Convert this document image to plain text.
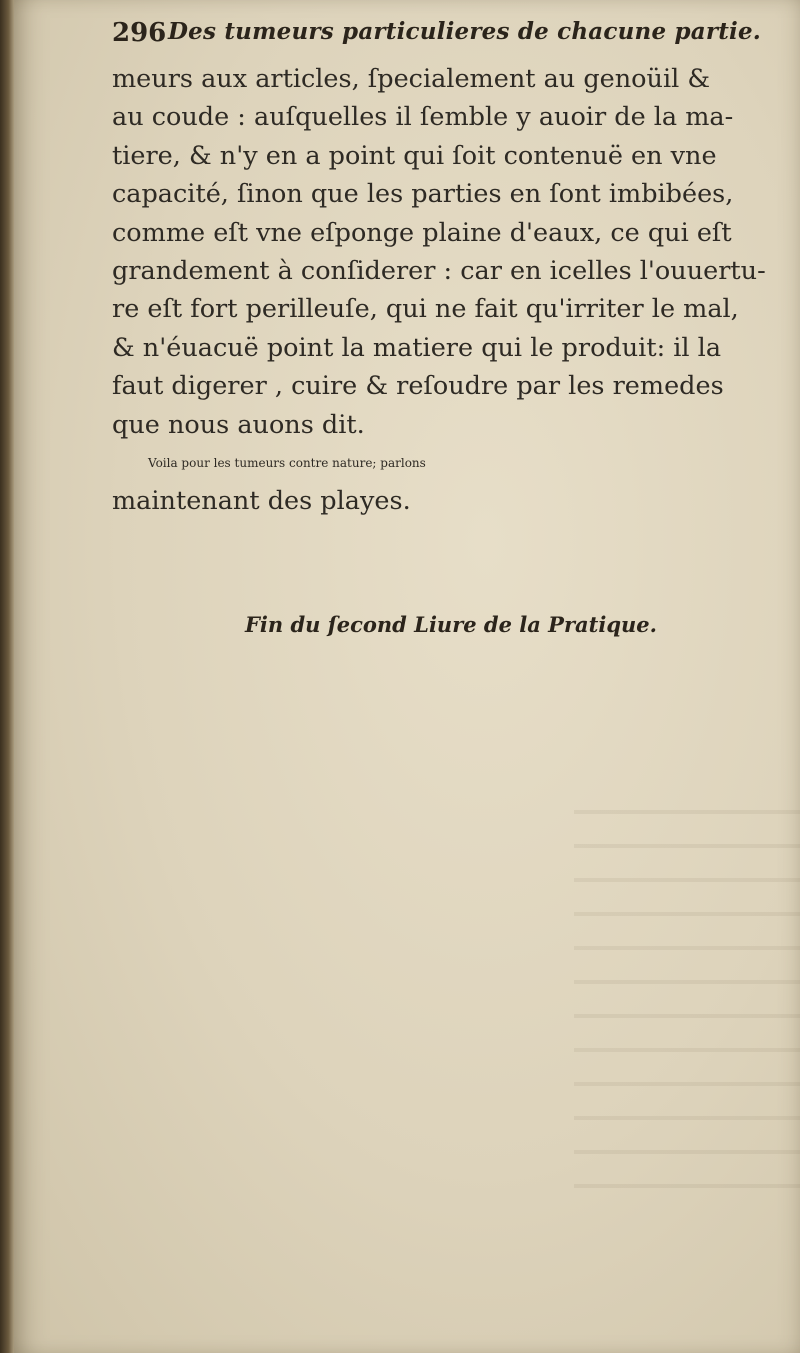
296 Des tumeurs particulieres de chacune partie.
meurs aux articles, ſpecialement au genoüil &
au coude : auſquelles il ſemble y auoir de la ma-
tiere, & n'y en a point qui ſoit contenuë en vne
capacité, ſinon que les parties en ſont imbibées,
comme eſt vne eſponge plaine d'eaux, ce qui eſt
grandement à conſiderer : car en icelles l'ouuertu-
re eſt fort perilleuſe, qui ne fait qu'irriter le mal,
& n'éuacuë point la matiere qui le produit: il la
faut digerer , cuire & reſoudre par les remedes
que nous auons dit.
Voila pour les tumeurs contre nature; parlons
maintenant des playes.
Fin du ſecond Liure de la Pratique.
